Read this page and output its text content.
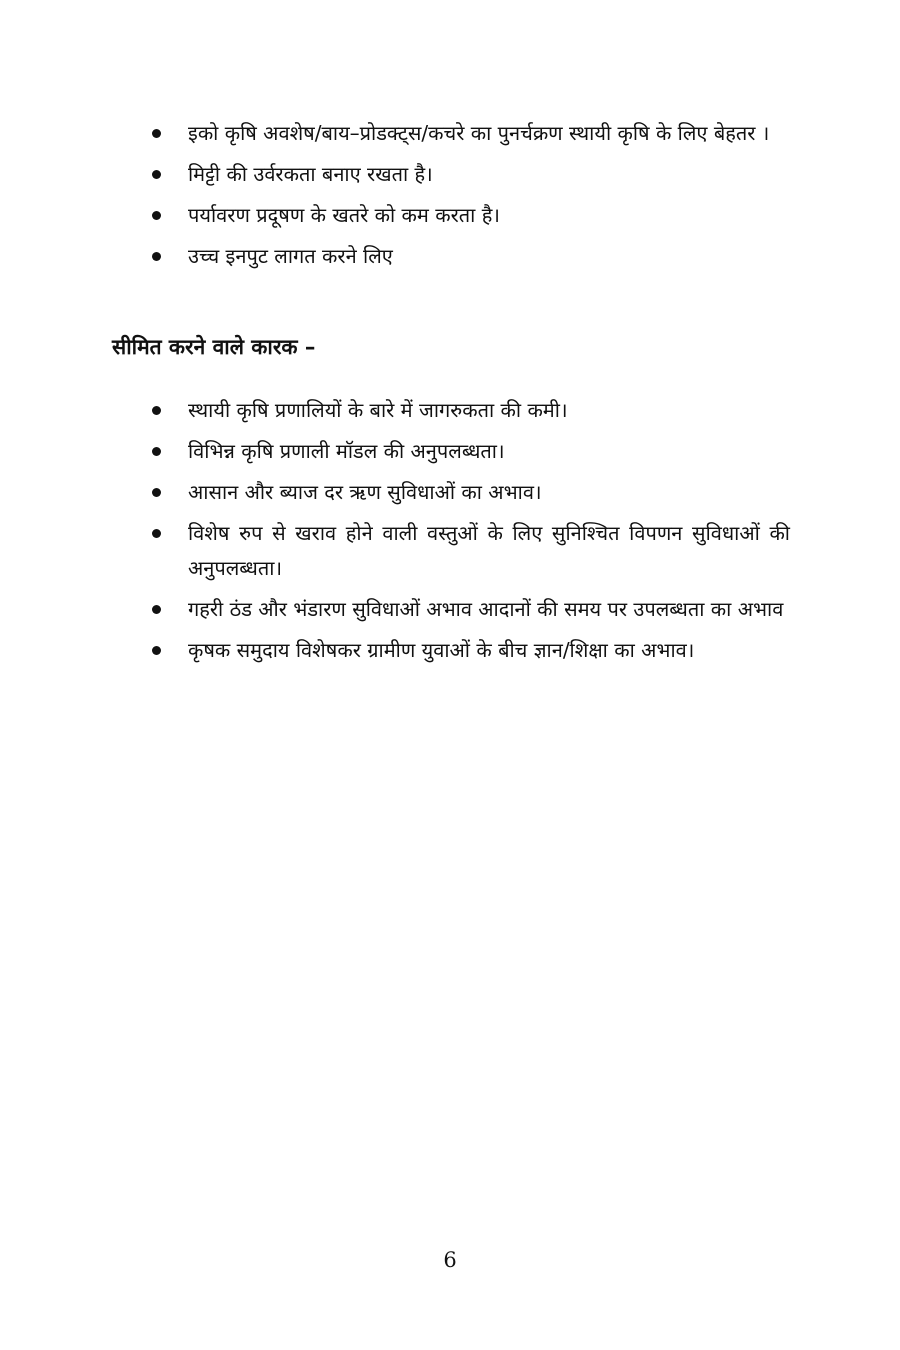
इको कृषि अवशेष/बाय–प्रोडक्ट्स/कचरे का पुनर्चक्रण स्थायी कृषि के लिए बेहतर ।
मिट्टी की उर्वरकता बनाए रखता है।
पर्यावरण प्रदूषण के खतरे को कम करता है।
उच्च इनपुट लागत करने लिए
सीमित करने वाले कारक –
स्थायी कृषि प्रणालियों के बारे में जागरुकता की कमी।
विभिन्न कृषि प्रणाली मॉडल की अनुपलब्धता।
आसान और ब्याज दर ऋण सुविधाओं का अभाव।
विशेष रुप से खराव होने वाली वस्तुओं के लिए सुनिश्चित विपणन सुविधाओं की अनुपलब्धता।
गहरी ठंड और भंडारण सुविधाओं अभाव आदानों की समय पर उपलब्धता का अभाव
कृषक समुदाय विशेषकर ग्रामीण युवाओं के बीच ज्ञान/शिक्षा का अभाव।
6
